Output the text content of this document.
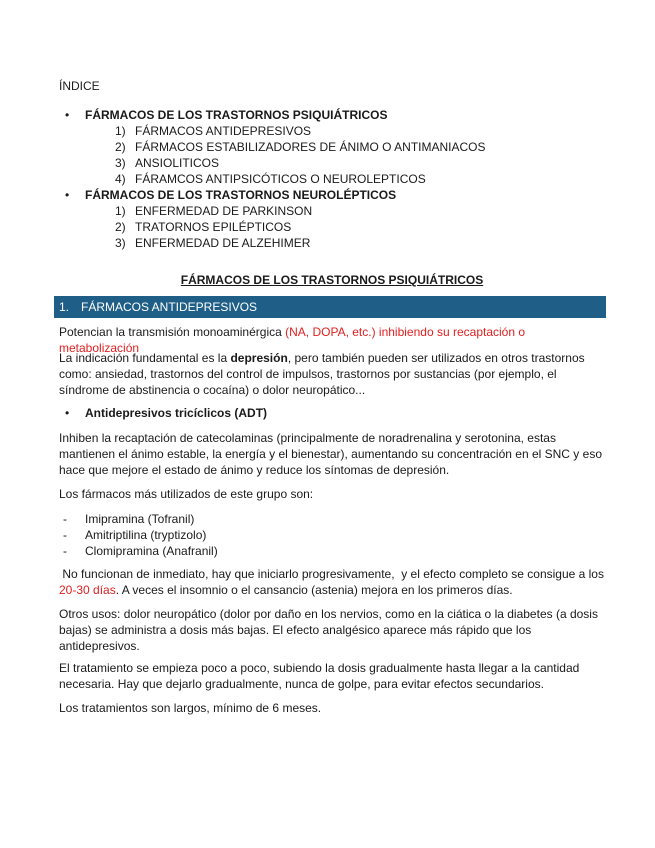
ÍNDICE
• FÁRMACOS DE LOS TRASTORNOS PSIQUIÁTRICOS
1) FÁRMACOS ANTIDEPRESIVOS
2) FÁRMACOS ESTABILIZADORES DE ÁNIMO O ANTIMANIACOS
3) ANSIOLITICOS
4) FÁRAMCOS ANTIPSICÓTICOS O NEUROLEPTICOS
• FÁRMACOS DE LOS TRASTORNOS NEUROLÉPTICOS
1) ENFERMEDAD DE PARKINSON
2) TRATORNOS EPILÉPTICOS
3) ENFERMEDAD DE ALZEHIMER
FÁRMACOS DE LOS TRASTORNOS PSIQUIÁTRICOS
1. FÁRMACOS ANTIDEPRESIVOS

Potencian la transmisión monoaminérgica (NA, DOPA, etc.) inhibiendo su recaptación o metabolización

La indicación fundamental es la depresión, pero también pueden ser utilizados en otros trastornos
como: ansiedad, trastornos del control de impulsos, trastornos por sustancias (por ejemplo, el
síndrome de abstinencia o cocaína) o dolor neuropático...

• Antidepresivos tricíclicos (ADT)

Inhiben la recaptación de catecolaminas (principalmente de noradrenalina y serotonina, estas
mantienen el ánimo estable, la energía y el bienestar), aumentando su concentración en el SNC y eso
hace que mejore el estado de ánimo y reduce los síntomas de depresión.

Los fármacos más utilizados de este grupo son:

- Imipramina (Tofranil)
- Amitriptilina (tryptizolo)
- Clomipramina (Anafranil)

No funcionan de inmediato, hay que iniciarlo progresivamente,  y el efecto completo se consigue a los
20-30 días. A veces el insomnio o el cansancio (astenia) mejora en los primeros días.

Otros usos: dolor neuropático (dolor por daño en los nervios, como en la ciática o la diabetes (a dosis
bajas) se administra a dosis más bajas. El efecto analgésico aparece más rápido que los
antidepresivos.

El tratamiento se empieza poco a poco, subiendo la dosis gradualmente hasta llegar a la cantidad
necesaria. Hay que dejarlo gradualmente, nunca de golpe, para evitar efectos secundarios.

Los tratamientos son largos, mínimo de 6 meses.
